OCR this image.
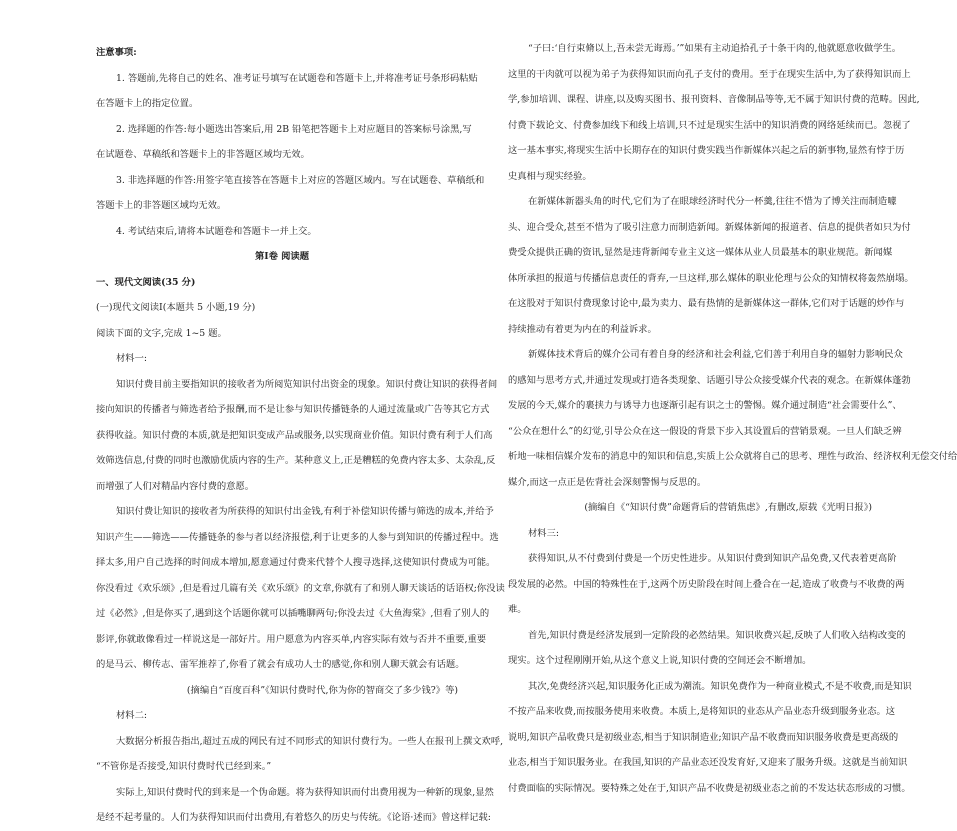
注意事项:
1. 答题前,先将自己的姓名、准考证号填写在试题卷和答题卡上,并将准考证号条形码粘贴
在答题卡上的指定位置。
2. 选择题的作答:每小题选出答案后,用 2B 铅笔把答题卡上对应题目的答案标号涂黑,写
在试题卷、草稿纸和答题卡上的非答题区域均无效。
3. 非选择题的作答:用签字笔直接答在答题卡上对应的答题区域内。写在试题卷、草稿纸和
答题卡上的非答题区域均无效。
4. 考试结束后,请将本试题卷和答题卡一并上交。
第Ⅰ卷 阅读题
一、现代文阅读(35 分)
(一)现代文阅读Ⅰ(本题共 5 小题,19 分)
阅读下面的文字,完成 1~5 题。
材料一:
知识付费目前主要指知识的接收者为所阅览知识付出资金的现象。知识付费让知识的获得者间
接向知识的传播者与筛选者给予报酬,而不是让参与知识传播链条的人通过流量或广告等其它方式
获得收益。知识付费的本质,就是把知识变成产品或服务,以实现商业价值。知识付费有利于人们高
效筛选信息,付费的同时也激励优质内容的生产。某种意义上,正是糟糕的免费内容太多、太杂乱,反
而增强了人们对精品内容付费的意愿。
知识付费让知识的接收者为所获得的知识付出金钱,有利于补偿知识传播与筛选的成本,并给予
知识产生——筛选——传播链条的参与者以经济报偿,利于让更多的人参与到知识的传播过程中。选
择太多,用户自己选择的时间成本增加,愿意通过付费来代替个人搜寻选择,这使知识付费成为可能。
你没看过《欢乐颂》,但是看过几篇有关《欢乐颂》的文章,你就有了和别人聊天谈话的话语权;你没读
过《必然》,但是你买了,遇到这个话题你就可以插嘴聊两句;你没去过《大鱼海棠》,但看了别人的
影评,你就敢像看过一样说这是一部好片。用户愿意为内容买单,内容实际有效与否并不重要,重要
的是马云、柳传志、雷军推荐了,你看了就会有成功人士的感觉,你和别人聊天就会有话题。
(摘编自“百度百科”《知识付费时代,你为你的智商交了多少钱?》等)
材料二:
大数据分析报告指出,超过五成的网民有过不同形式的知识付费行为。一些人在报刊上撰文欢呼,
“不管你是否接受,知识付费时代已经到来。”
实际上,知识付费时代的到来是一个伪命题。将为获得知识而付出费用视为一种新的现象,显然
是经不起考量的。人们为获得知识而付出费用,有着悠久的历史与传统。《论语·述而》曾这样记载:
“子曰:‘自行束脩以上,吾未尝无诲焉。’”如果有主动追拾孔子十条干肉的,他就愿意收做学生。
这里的干肉就可以视为弟子为获得知识而向孔子支付的费用。至于在现实生活中,为了获得知识而上
学,参加培训、课程、讲座,以及购买图书、报刊资料、音像制品等等,无不属于知识付费的范畴。因此,
付费下载论文、付费参加线下和线上培训,只不过是现实生活中的知识消费的网络延续而已。忽视了
这一基本事实,将现实生活中长期存在的知识付费实践当作新媒体兴起之后的新事物,显然有悖于历
史真相与现实经验。
在新媒体新器头角的时代,它们为了在眼球经济时代分一杯羹,往往不惜为了博关注而制造噱
头、迎合受众,甚至不惜为了吸引注意力而制造新闻。新媒体新闻的报道者、信息的提供者如只为付
费受众提供正确的资讯,显然是违背新闻专业主义这一媒体从业人员最基本的职业规范。新闻媒
体所承担的报道与传播信息责任的背弃,一旦这样,那么媒体的职业伦理与公众的知情权将轰然崩塌。
在这股对于知识付费现象讨论中,最为卖力、最有热情的是新媒体这一群体,它们对于话题的炒作与
持续推动有着更为内在的利益诉求。
新媒体技术背后的媒介公司有着自身的经济和社会利益,它们善于利用自身的辐射力影响民众
的感知与思考方式,并通过发现或打造各类现象、话题引导公众接受媒介代表的观念。在新媒体蓬勃
发展的今天,媒介的裹挟力与诱导力也逐渐引起有识之士的警惕。媒介通过制造“社会需要什么”、
“公众在想什么”的幻觉,引导公众在这一假设的背景下步入其设置后的营销景观。一旦人们缺乏辨
析地一味相信媒介发布的消息中的知识和信息,实质上公众就将自己的思考、理性与政治、经济权利无偿交付给
媒介,而这一点正是佐背社会深刻警惕与反思的。
(摘编自《“知识付费”命题背后的营销焦虑》,有删改,原载《光明日报》)
材料三:
获得知识,从不付费到付费是一个历史性进步。从知识付费到知识产品免费,又代表着更高阶
段发展的必然。中国的特殊性在于,这两个历史阶段在时间上叠合在一起,造成了收费与不收费的两
难。
首先,知识付费是经济发展到一定阶段的必然结果。知识收费兴起,反映了人们收入结构改变的
现实。这个过程刚刚开始,从这个意义上说,知识付费的空间还会不断增加。
其次,免费经济兴起,知识服务化正成为潮流。知识免费作为一种商业模式,不是不收费,而是知识
不按产品来收费,而按服务使用来收费。本质上,是将知识的业态从产品业态升级到服务业态。这
说明,知识产品收费只是初级业态,相当于知识制造业;知识产品不收费而知识服务收费是更高级的
业态,相当于知识服务业。在我国,知识的产品业态还没发育好,又迎来了服务升级。这就是当前知识
付费面临的实际情况。要特殊之处在于,知识产品不收费是初级业态之前的不发达状态形成的习惯。
